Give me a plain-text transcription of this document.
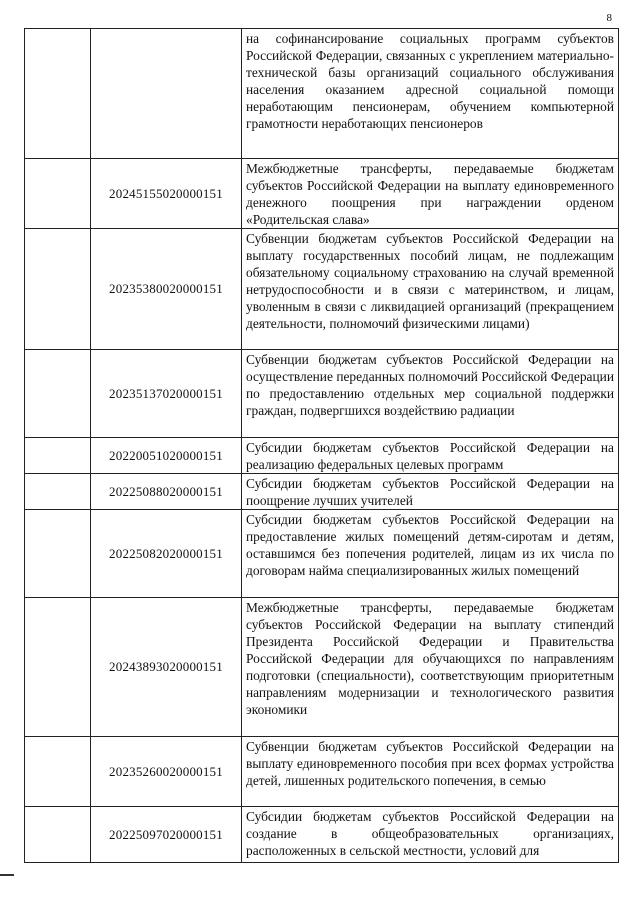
8
		на софинансирование социальных программ субъектов Российской Федерации, связанных с укреплением материально-технической базы организаций социального обслуживания населения оказанием адресной социальной помощи неработающим пенсионерам, обучением компьютерной грамотности неработающих пенсионеров
	20245155020000151	Межбюджетные трансферты, передаваемые бюджетам субъектов Российской Федерации на выплату единовременного денежного поощрения при награждении орденом «Родительская слава»
	20235380020000151	Субвенции бюджетам субъектов Российской Федерации на выплату государственных пособий лицам, не подлежащим обязательному социальному страхованию на случай временной нетрудоспособности и в связи с материнством, и лицам, уволенным в связи с ликвидацией организаций (прекращением деятельности, полномочий физическими лицами)
	20235137020000151	Субвенции бюджетам субъектов Российской Федерации на осуществление переданных полномочий Российской Федерации по предоставлению отдельных мер социальной поддержки граждан, подвергшихся воздействию радиации
	20220051020000151	Субсидии бюджетам субъектов Российской Федерации на реализацию федеральных целевых программ
	20225088020000151	Субсидии бюджетам субъектов Российской Федерации на поощрение лучших учителей
	20225082020000151	Субсидии бюджетам субъектов Российской Федерации на предоставление жилых помещений детям-сиротам и детям, оставшимся без попечения родителей, лицам из их числа по договорам найма специализированных жилых помещений
	20243893020000151	Межбюджетные трансферты, передаваемые бюджетам субъектов Российской Федерации на выплату стипендий Президента Российской Федерации и Правительства Российской Федерации для обучающихся по направлениям подготовки (специальности), соответствующим приоритетным направлениям модернизации и технологического развития экономики
	20235260020000151	Субвенции бюджетам субъектов Российской Федерации на выплату единовременного пособия при всех формах устройства детей, лишенных родительского попечения, в семью
	20225097020000151	Субсидии бюджетам субъектов Российской Федерации на создание в общеобразовательных организациях, расположенных в сельской местности, условий для
